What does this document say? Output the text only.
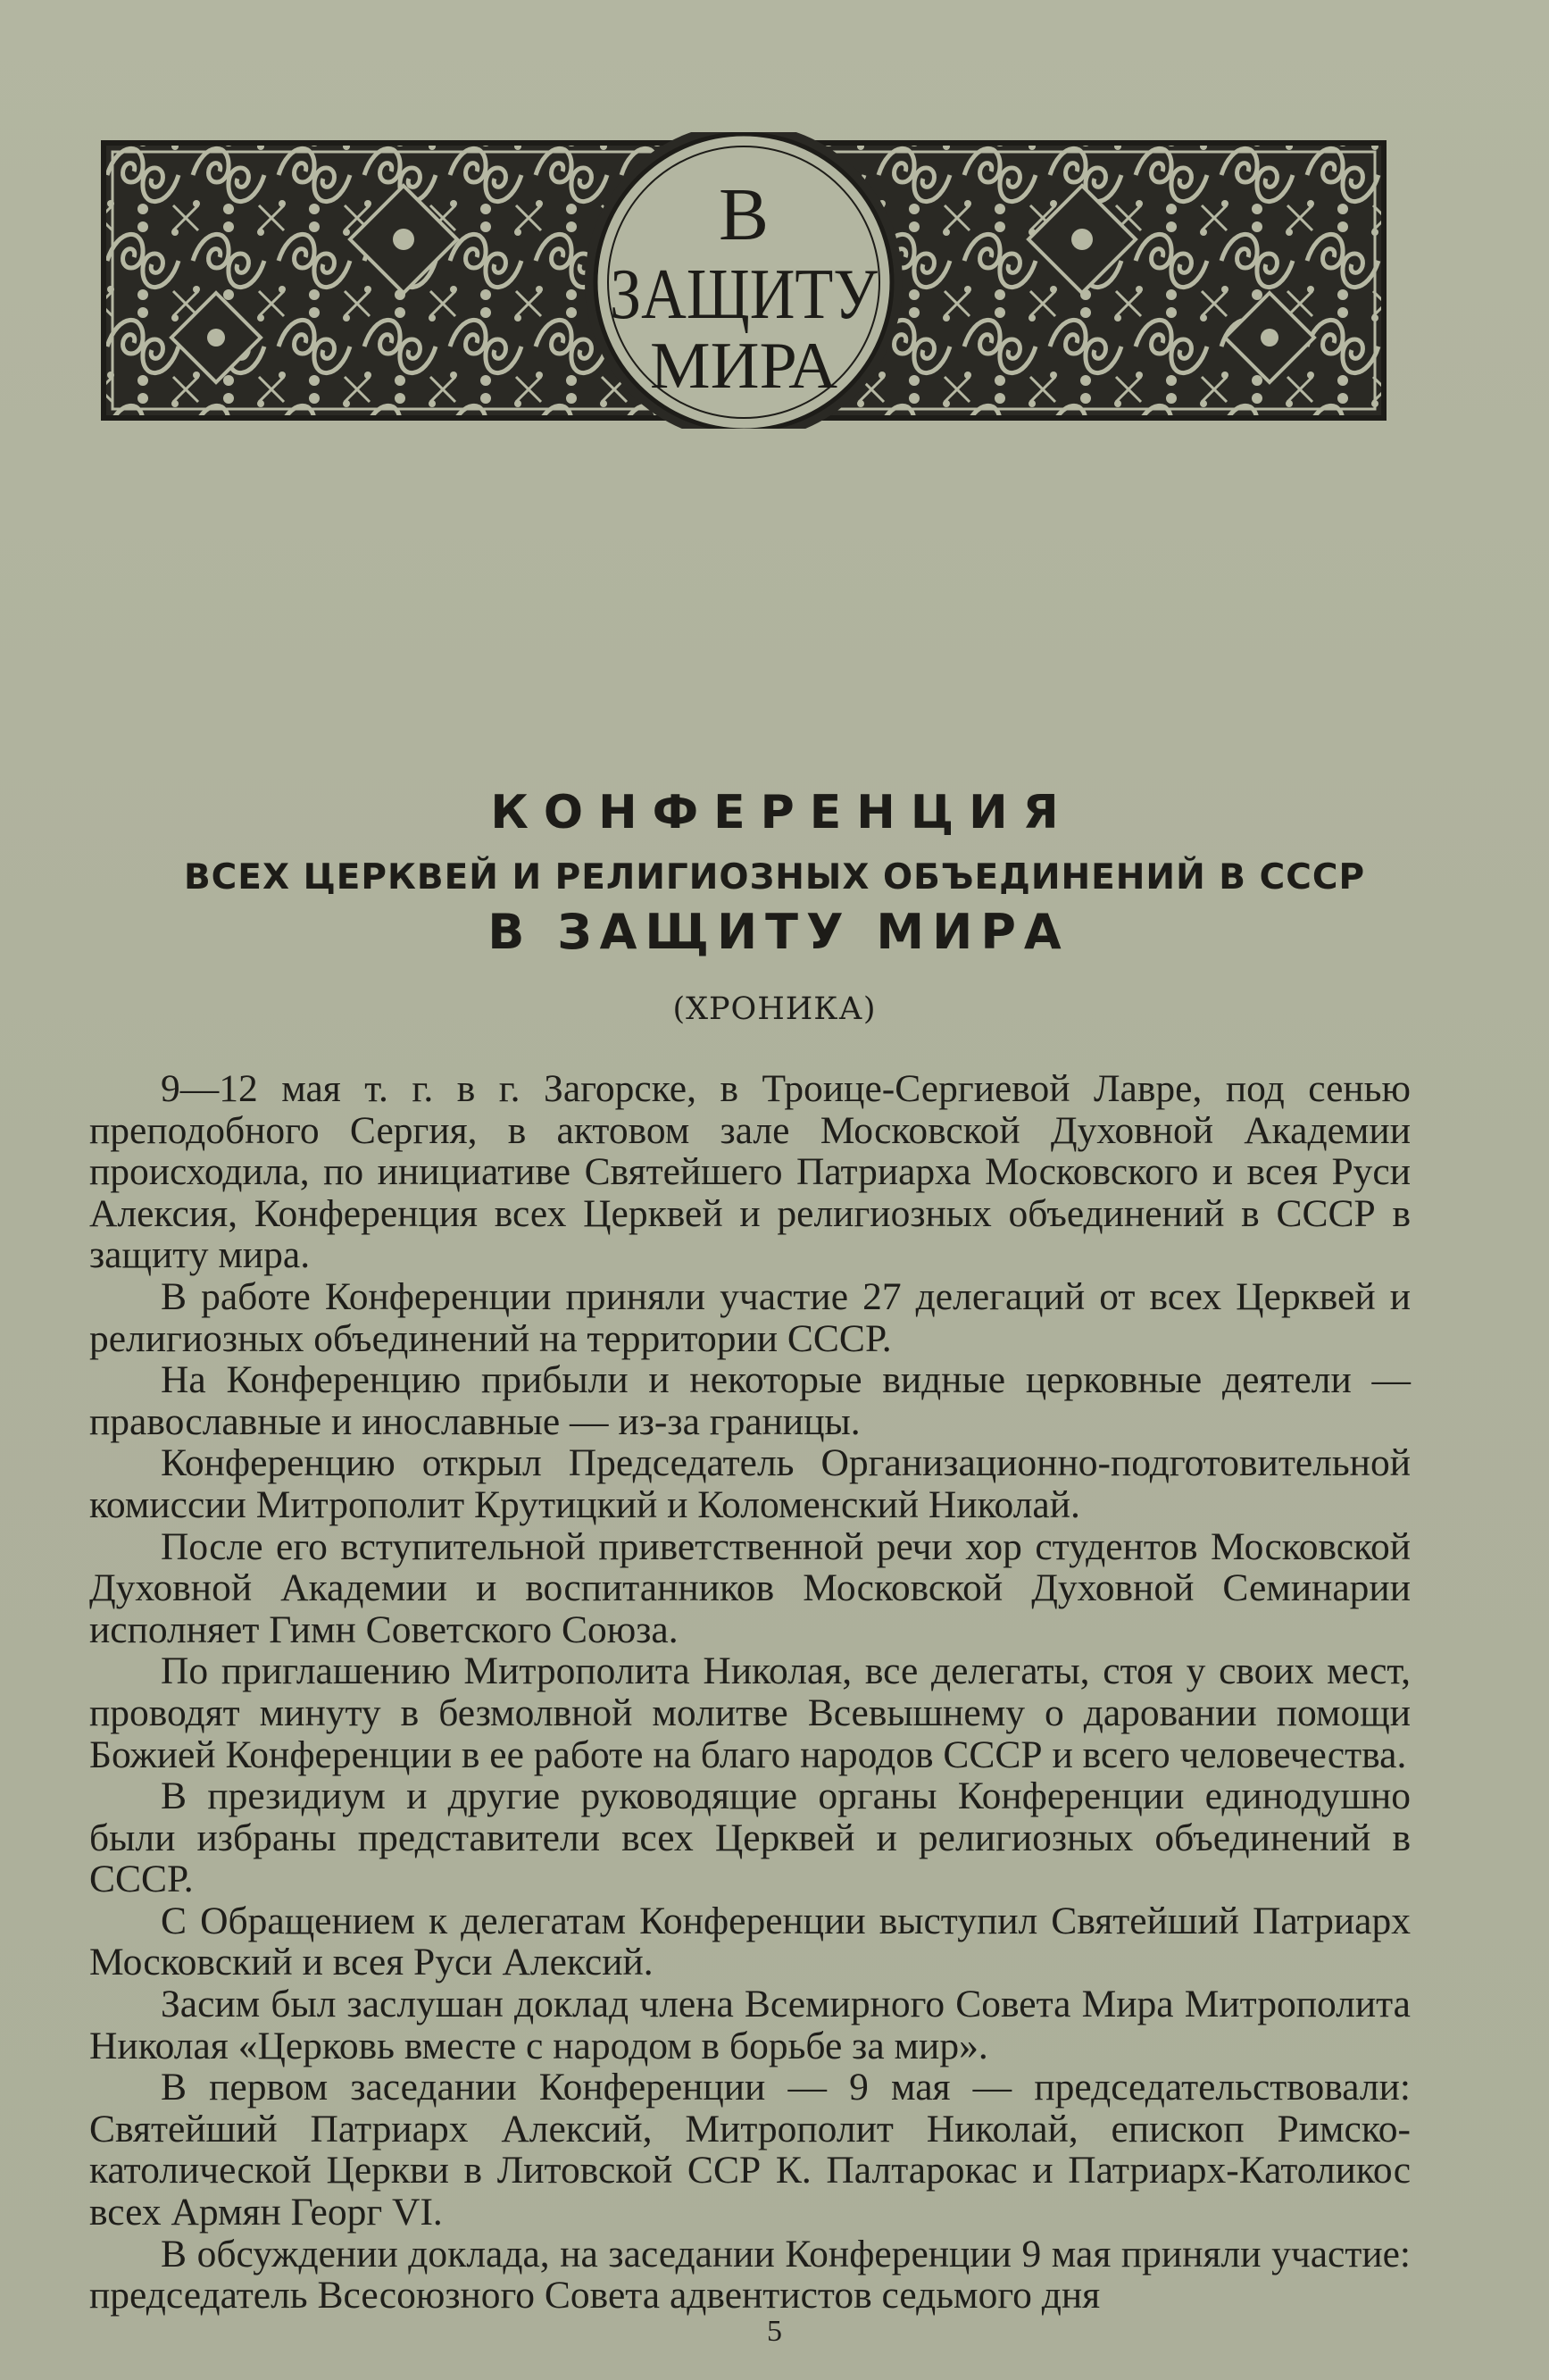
В
ЗАЩИТУ
МИРА
КОНФЕРЕНЦИЯ
ВСЕХ ЦЕРКВЕЙ И РЕЛИГИОЗНЫХ ОБЪЕДИНЕНИЙ В СССР
В ЗАЩИТУ МИРА
(ХРОНИКА)

9—12 мая т. г. в г. Загорске, в Троице-Сергиевой Лавре, под сенью преподобного Сергия, в актовом зале Московской Духовной Академии происходила, по инициативе Святейшего Патриарха Московского и всея Руси Алексия, Конференция всех Церквей и религиозных объединений в СССР в защиту мира.

В работе Конференции приняли участие 27 делегаций от всех Церквей и религиозных объединений на территории СССР.

На Конференцию прибыли и некоторые видные церковные деятели — православные и инославные — из-за границы.

Конференцию открыл Председатель Организационно-подготовительной комиссии Митрополит Крутицкий и Коломенский Николай.

После его вступительной приветственной речи хор студентов Московской Духовной Академии и воспитанников Московской Духовной Семинарии исполняет Гимн Советского Союза.

По приглашению Митрополита Николая, все делегаты, стоя у своих мест, проводят минуту в безмолвной молитве Всевышнему о даровании помощи Божией Конференции в ее работе на благо народов СССР и всего человечества.

В президиум и другие руководящие органы Конференции единодушно были избраны представители всех Церквей и религиозных объединений в СССР.

С Обращением к делегатам Конференции выступил Святейший Патриарх Московский и всея Руси Алексий.

Засим был заслушан доклад члена Всемирного Совета Мира Митрополита Николая «Церковь вместе с народом в борьбе за мир».

В первом заседании Конференции — 9 мая — председательствовали: Святейший Патриарх Алексий, Митрополит Николай, епископ Римско-католической Церкви в Литовской ССР К. Палтарокас и Патриарх-Католикос всех Армян Георг VI.

В обсуждении доклада, на заседании Конференции 9 мая приняли участие: председатель Всесоюзного Совета адвентистов седьмого дня

5
